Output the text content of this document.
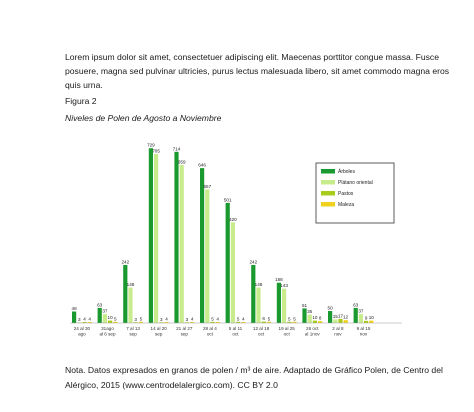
Lorem ipsum dolor sit amet, consectetuer adipiscing elit. Maecenas porttitor congue massa. Fusce posuere, magna sed pulvinar ultricies, purus lectus malesuada libero, sit amet commodo magna eros quis urna.

Figura 2

Niveles de Polen de Agosto a Noviembre

48
3 4 4
63
37
10 5
242
148
3 5
729
705
3 4
714
659
3 4
646
557
5 4
501
420
5 4
242
148
6 5
168
143
5 5
61
35
10 8
50
15 17 12
63
37
9 10
24 al 30
ago
31ago
al 6 sep
7 al 13
sep
14 al 20
sep
21 al 27
sep
28 al 4
oct
5 al 11
oct
12 al 18
oct
19 al 25
oct
26 oct
al 1nov
2 al 8
nov
9 al 15
nov
Árboles
Plátano oriental
Pastos
Maleza

Nota. Datos expresados en granos de polen / m³ de aire. Adaptado de Gráfico Polen, de Centro del Alérgico, 2015 (www.centrodelalergico.com). CC BY 2.0
